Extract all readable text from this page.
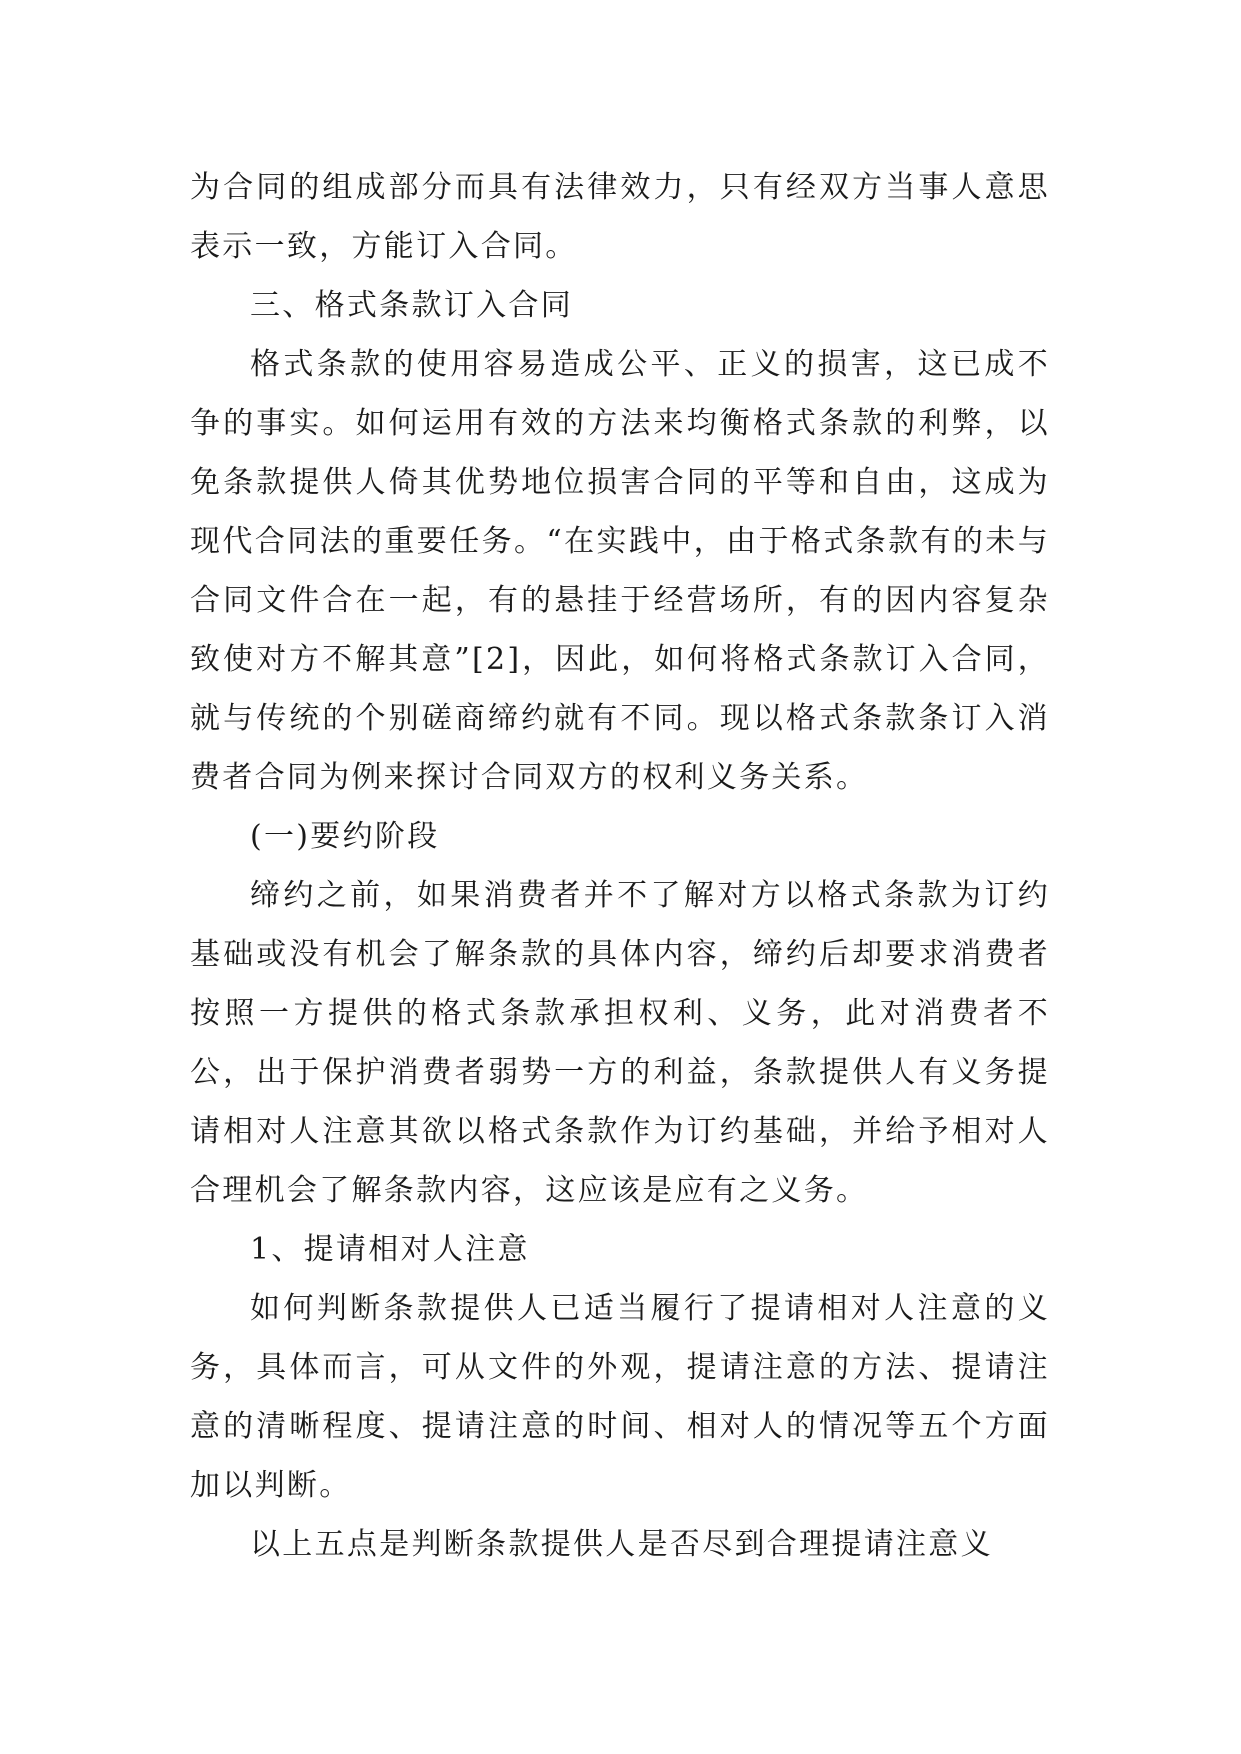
为合同的组成部分而具有法律效力，只有经双方当事人意思表示一致，方能订入合同。

三、格式条款订入合同

格式条款的使用容易造成公平、正义的损害，这已成不争的事实。如何运用有效的方法来均衡格式条款的利弊，以免条款提供人倚其优势地位损害合同的平等和自由，这成为现代合同法的重要任务。“在实践中，由于格式条款有的未与合同文件合在一起，有的悬挂于经营场所，有的因内容复杂致使对方不解其意”[2]，因此，如何将格式条款订入合同，就与传统的个别磋商缔约就有不同。现以格式条款条订入消费者合同为例来探讨合同双方的权利义务关系。

(一)要约阶段

缔约之前，如果消费者并不了解对方以格式条款为订约基础或没有机会了解条款的具体内容，缔约后却要求消费者按照一方提供的格式条款承担权利、义务，此对消费者不公，出于保护消费者弱势一方的利益，条款提供人有义务提请相对人注意其欲以格式条款作为订约基础，并给予相对人合理机会了解条款内容，这应该是应有之义务。

1、提请相对人注意

如何判断条款提供人已适当履行了提请相对人注意的义务，具体而言，可从文件的外观，提请注意的方法、提请注意的清晰程度、提请注意的时间、相对人的情况等五个方面加以判断。

以上五点是判断条款提供人是否尽到合理提请注意义
